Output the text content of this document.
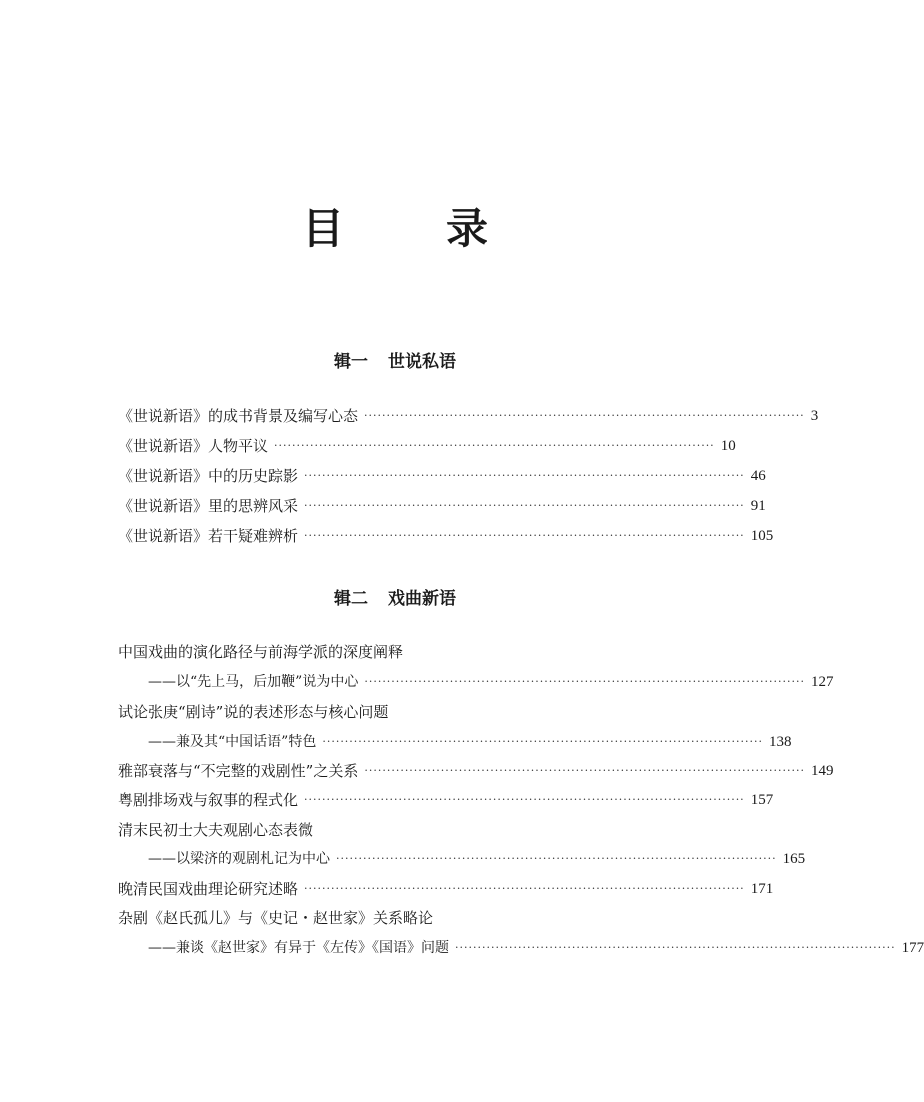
目　录
辑一 世说私语
《世说新语》的成书背景及编写心态 ·································································································· 3
《世说新语》人物平议 ·································································································· 10
《世说新语》中的历史踪影 ·································································································· 46
《世说新语》里的思辨风采 ·································································································· 91
《世说新语》若干疑难辨析 ·································································································· 105
辑二 戏曲新语
中国戏曲的演化路径与前海学派的深度阐释
——以“先上马，后加鞭”说为中心 ·································································································· 127
试论张庚“剧诗”说的表述形态与核心问题
——兼及其“中国话语”特色 ·································································································· 138
雅部衰落与“不完整的戏剧性”之关系 ·································································································· 149
粤剧排场戏与叙事的程式化 ·································································································· 157
清末民初士大夫观剧心态表微
——以梁济的观剧札记为中心 ·································································································· 165
晚清民国戏曲理论研究述略 ·································································································· 171
杂剧《赵氏孤儿》与《史记・赵世家》关系略论
——兼谈《赵世家》有异于《左传》《国语》问题 ·································································································· 177
